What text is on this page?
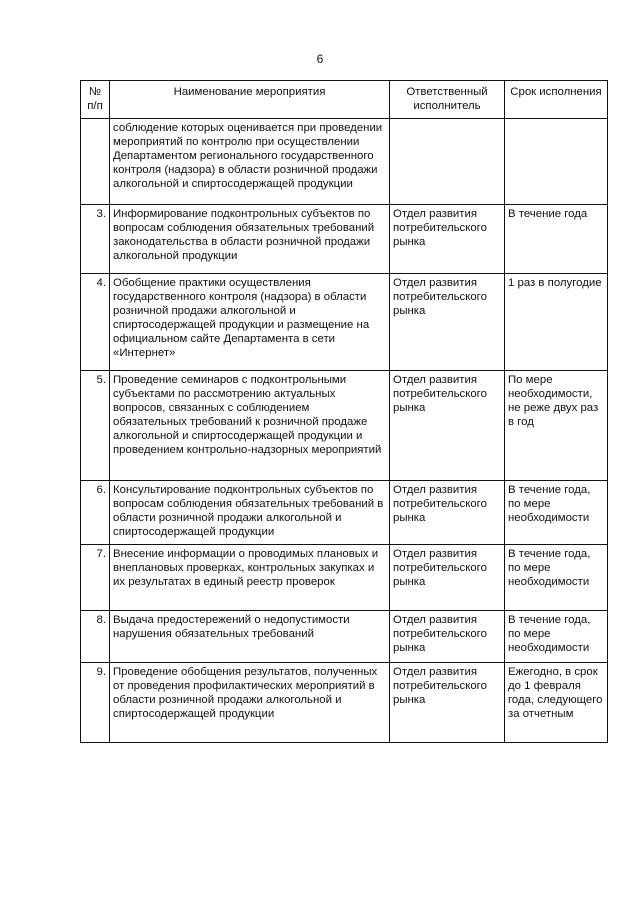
6
№ п/п	Наименование мероприятия	Ответственный исполнитель	Срок исполнения
	соблюдение которых оценивается при проведении мероприятий по контролю при осуществлении Департаментом регионального государственного контроля (надзора) в области розничной продажи алкогольной и спиртосодержащей продукции		
3.	Информирование подконтрольных субъектов по вопросам соблюдения обязательных требований законодательства в области розничной продажи алкогольной продукции	Отдел развития потребительского рынка	В течение года
4.	Обобщение практики осуществления государственного контроля (надзора) в области розничной продажи алкогольной и спиртосодержащей продукции и размещение на официальном сайте Департамента в сети «Интернет»	Отдел развития потребительского рынка	1 раз в полугодие
5.	Проведение семинаров с подконтрольными субъектами по рассмотрению актуальных вопросов, связанных с соблюдением обязательных требований к розничной продаже алкогольной и спиртосодержащей продукции и проведением контрольно-надзорных мероприятий	Отдел развития потребительского рынка	По мере необходимости, не реже двух раз в год
6.	Консультирование подконтрольных субъектов по вопросам соблюдения обязательных требований в области розничной продажи алкогольной и спиртосодержащей продукции	Отдел развития потребительского рынка	В течение года, по мере необходимости
7.	Внесение информации о проводимых плановых и внеплановых проверках, контрольных закупках и их результатах в единый реестр проверок	Отдел развития потребительского рынка	В течение года, по мере необходимости
8.	Выдача предостережений о недопустимости нарушения обязательных требований	Отдел развития потребительского рынка	В течение года, по мере необходимости
9.	Проведение обобщения результатов, полученных от проведения профилактических мероприятий в области розничной продажи алкогольной и спиртосодержащей продукции	Отдел развития потребительского рынка	Ежегодно, в срок до 1 февраля года, следующего за отчетным
